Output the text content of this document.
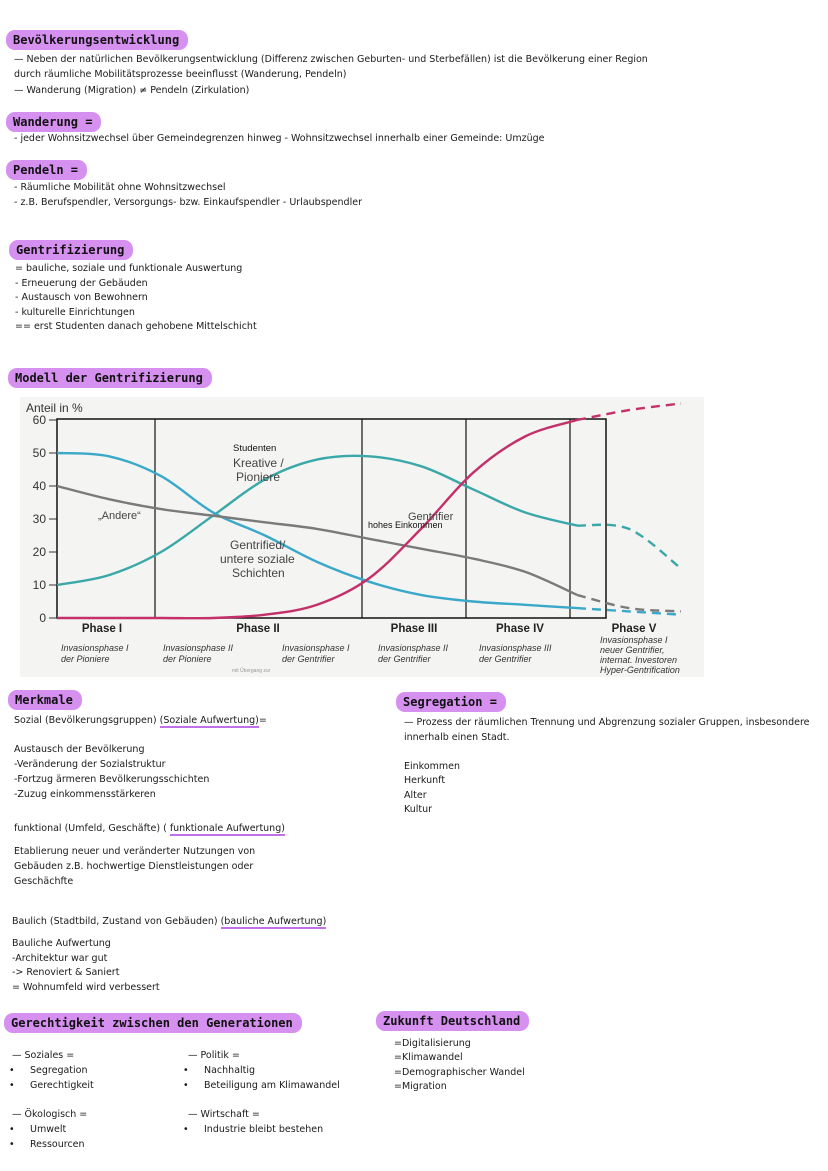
Bevölkerungsentwicklung
— Neben der natürlichen Bevölkerungsentwicklung (Differenz zwischen Geburten- und Sterbefällen) ist die Bevölkerung einer Region
durch räumliche Mobilitätsprozesse beeinflusst (Wanderung, Pendeln)
— Wanderung (Migration) ≠ Pendeln (Zirkulation)
Wanderung =
- jeder Wohnsitzwechsel über Gemeindegrenzen hinweg - Wohnsitzwechsel innerhalb einer Gemeinde: Umzüge
Pendeln =
- Räumliche Mobilität ohne Wohnsitzwechsel
- z.B. Berufspendler, Versorgungs- bzw. Einkaufspendler - Urlaubspendler
Gentrifizierung
= bauliche, soziale und funktionale Auswertung
- Erneuerung der Gebäuden
- Austausch von Bewohnern
- kulturelle Einrichtungen
== erst Studenten danach gehobene Mittelschicht
Modell der Gentrifizierung
Anteil in %
0
10
20
30
40
50
60
Studenten
Kreative /
Pioniere
„Andere“	Gentrifier
hohes Einkommen
Gentrified/
untere soziale
Schichten
Phase I	Phase II	Phase III	Phase IV	Phase V
Invasionsphase I
der Pioniere
Invasionsphase II
der Pioniere
Invasionsphase I
der Gentrifier
Invasionsphase II
der Gentrifier
Invasionsphase III
der Gentrifier
Invasionsphase I
neuer Gentrifier,
internat. Investoren
Hyper-Gentrification
mit Übergang zur
Merkmale
Sozial (Bevölkerungsgruppen) (Soziale Aufwertung)=
Austausch der Bevölkerung
-Veränderung der Sozialstruktur
-Fortzug ärmeren Bevölkerungsschichten
-Zuzug einkommensstärkeren
funktional (Umfeld, Geschäfte) ( funktionale Aufwertung)
Etablierung neuer und veränderter Nutzungen von
Gebäuden z.B. hochwertige Dienstleistungen oder
Geschächfte
Baulich (Stadtbild, Zustand von Gebäuden) (bauliche Aufwertung)
Bauliche Aufwertung
-Architektur war gut
-> Renoviert & Saniert
= Wohnumfeld wird verbessert
Segregation =
— Prozess der räumlichen Trennung und Abgrenzung sozialer Gruppen, insbesondere
innerhalb einen Stadt.
Einkommen
Herkunft
Alter
Kultur
Gerechtigkeit zwischen den Generationen
— Soziales =
• Segregation
• Gerechtigkeit
— Ökologisch =
• Umwelt
• Ressourcen
— Politik =
• Nachhaltig
• Beteiligung am Klimawandel
— Wirtschaft =
• Industrie bleibt bestehen
Zukunft Deutschland
=Digitalisierung
=Klimawandel
=Demographischer Wandel
=Migration
